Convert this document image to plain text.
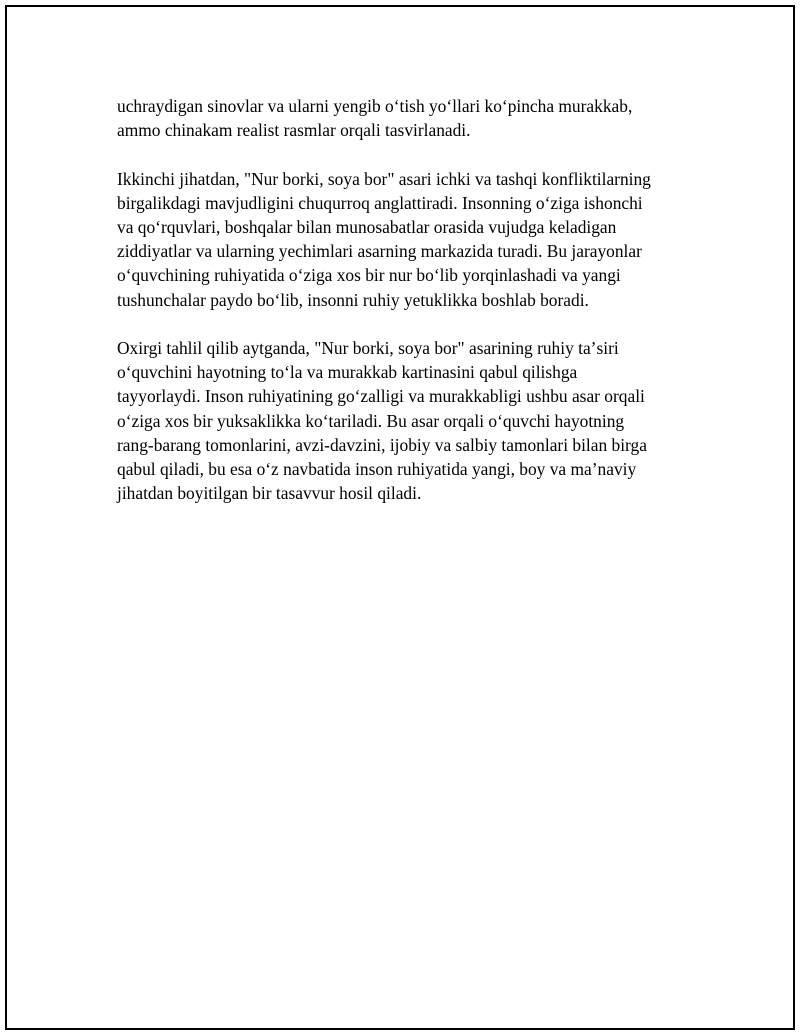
uchraydigan sinovlar va ularni yengib oʻtish yoʻllari koʻpincha murakkab,
ammo chinakam realist rasmlar orqali tasvirlanadi.

Ikkinchi jihatdan, "Nur borki, soya bor" asari ichki va tashqi konfliktilarning
birgalikdagi mavjudligini chuqurroq anglattiradi. Insonning oʻziga ishonchi
va qoʻrquvlari, boshqalar bilan munosabatlar orasida vujudga keladigan
ziddiyatlar va ularning yechimlari asarning markazida turadi. Bu jarayonlar
oʻquvchining ruhiyatida oʻziga xos bir nur boʻlib yorqinlashadi va yangi
tushunchalar paydo boʻlib, insonni ruhiy yetuklikka boshlab boradi.

Oxirgi tahlil qilib aytganda, "Nur borki, soya bor" asarining ruhiy taʼsiri
oʻquvchini hayotning toʻla va murakkab kartinasini qabul qilishga
tayyorlaydi. Inson ruhiyatining goʻzalligi va murakkabligi ushbu asar orqali
oʻziga xos bir yuksaklikka koʻtariladi. Bu asar orqali oʻquvchi hayotning
rang-barang tomonlarini, avzi-davzini, ijobiy va salbiy tamonlari bilan birga
qabul qiladi, bu esa oʻz navbatida inson ruhiyatida yangi, boy va maʼnaviy
jihatdan boyitilgan bir tasavvur hosil qiladi.
